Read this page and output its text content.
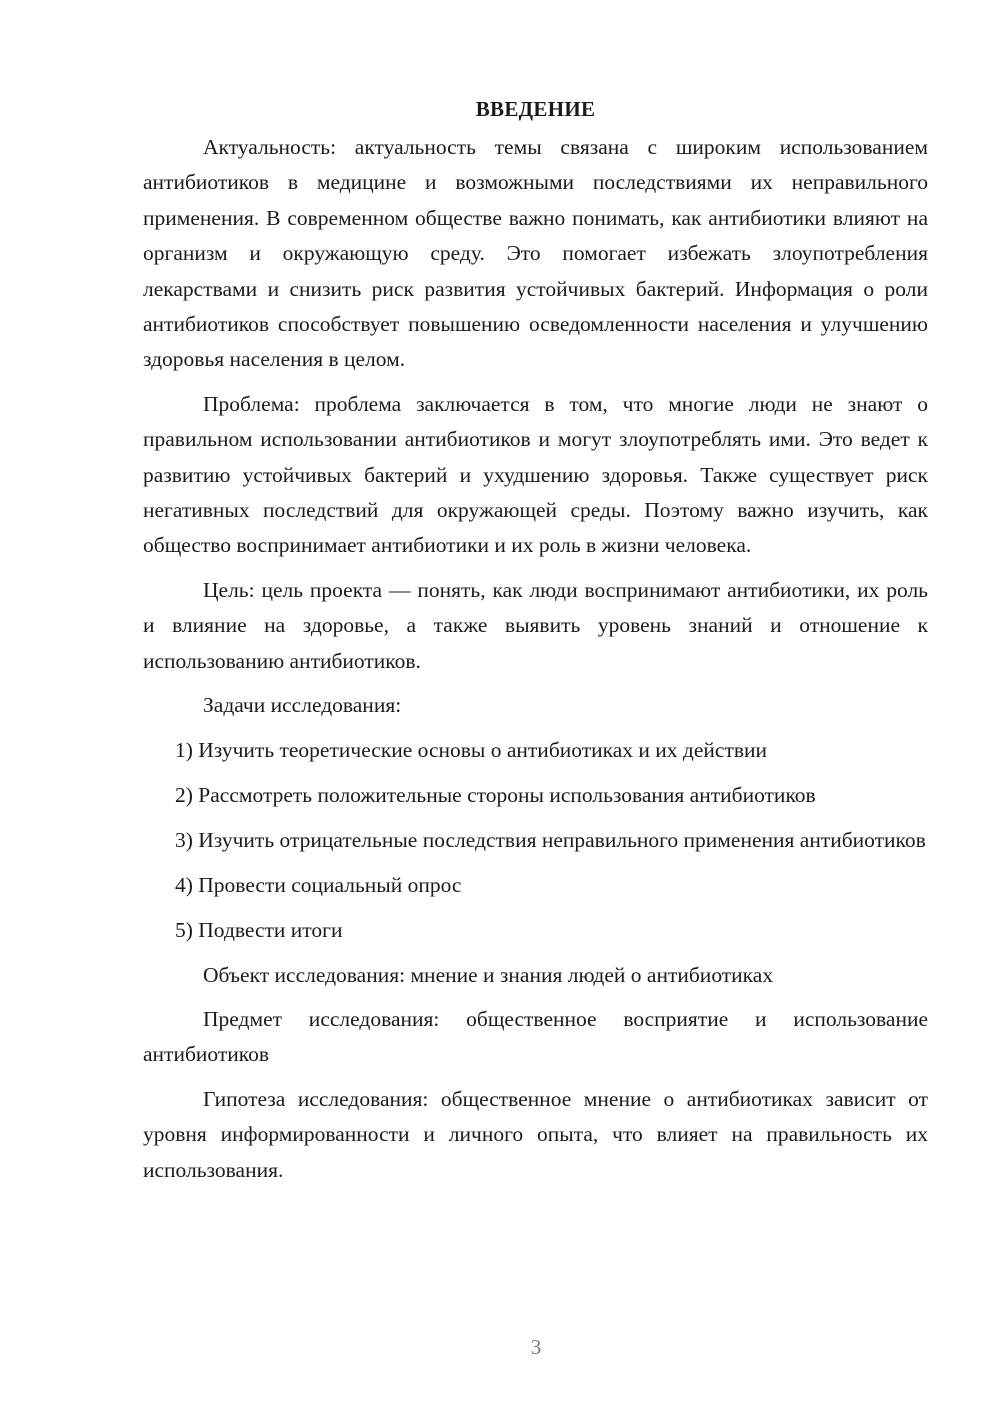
ВВЕДЕНИЕ

Актуальность: актуальность темы связана с широким использованием антибиотиков в медицине и возможными последствиями их неправильного применения. В современном обществе важно понимать, как антибиотики влияют на организм и окружающую среду. Это помогает избежать злоупотребления лекарствами и снизить риск развития устойчивых бактерий. Информация о роли антибиотиков способствует повышению осведомленности населения и улучшению здоровья населения в целом.

Проблема: проблема заключается в том, что многие люди не знают о правильном использовании антибиотиков и могут злоупотреблять ими. Это ведет к развитию устойчивых бактерий и ухудшению здоровья. Также существует риск негативных последствий для окружающей среды. Поэтому важно изучить, как общество воспринимает антибиотики и их роль в жизни человека.

Цель: цель проекта — понять, как люди воспринимают антибиотики, их роль и влияние на здоровье, а также выявить уровень знаний и отношение к использованию антибиотиков.

Задачи исследования:

1) Изучить теоретические основы о антибиотиках и их действии

2) Рассмотреть положительные стороны использования антибиотиков

3) Изучить отрицательные последствия неправильного применения антибиотиков

4) Провести социальный опрос

5) Подвести итоги

Объект исследования: мнение и знания людей о антибиотиках

Предмет исследования: общественное восприятие и использование антибиотиков

Гипотеза исследования: общественное мнение о антибиотиках зависит от уровня информированности и личного опыта, что влияет на правильность их использования.

3
